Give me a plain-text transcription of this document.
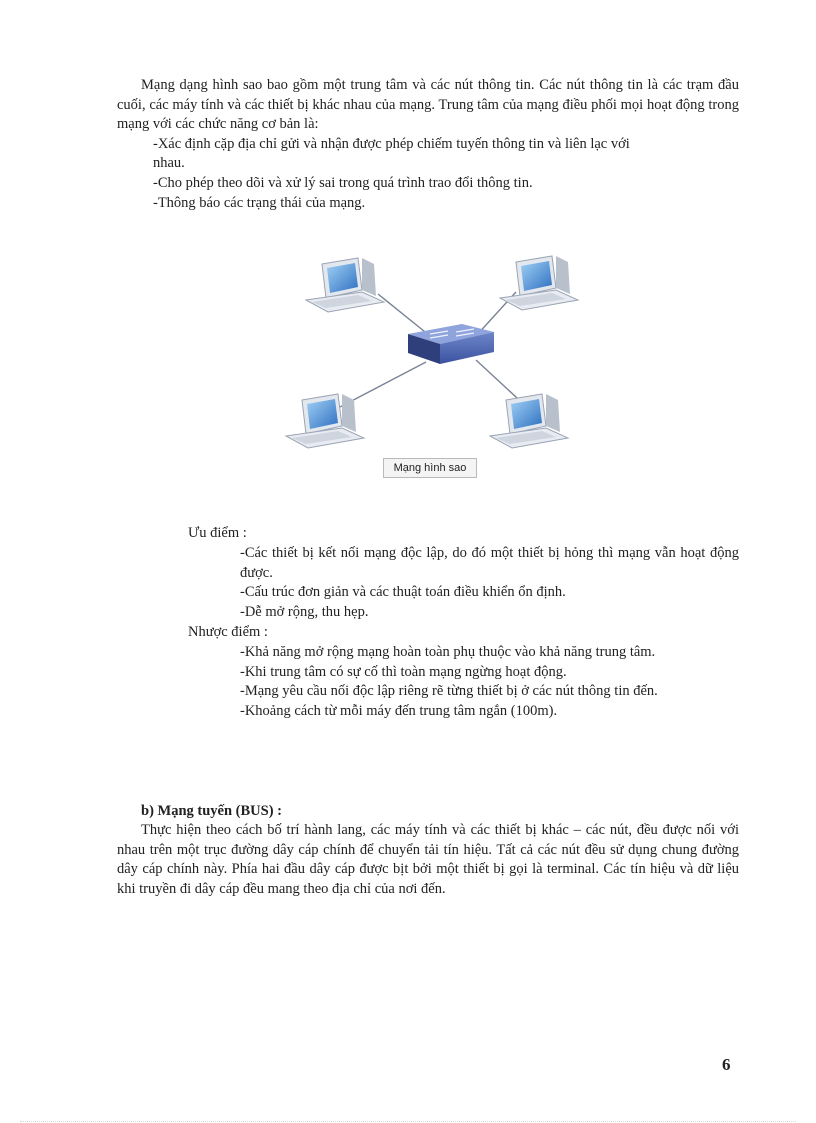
Mạng dạng hình sao bao gồm một trung tâm và các nút thông tin. Các nút thông tin là các trạm đầu cuối, các máy tính và các thiết bị khác nhau của mạng. Trung tâm của mạng điều phối mọi hoạt động trong mạng với các chức năng cơ bản là:

-Xác định cặp địa chỉ gửi và nhận được phép chiếm tuyến thông tin và liên lạc với

nhau.

-Cho phép theo dõi và xử lý sai trong quá trình trao đổi thông tin.

-Thông báo các trạng thái của mạng.

Mạng hình sao

Ưu điểm :

-Các thiết bị kết nối mạng độc lập, do đó một thiết bị hỏng thì mạng vẫn hoạt động được.

-Cấu trúc đơn giản và các thuật toán điều khiển ổn định.

-Dễ mở rộng, thu hẹp.

Nhược điểm :

-Khả năng mở rộng mạng hoàn toàn phụ thuộc vào khả năng trung tâm.

-Khi trung tâm có sự cố thì toàn mạng ngừng hoạt động.

-Mạng yêu cầu nối độc lập riêng rẽ từng thiết bị ở các nút thông tin đến.

-Khoảng cách từ mỗi máy đến trung tâm ngắn (100m).

b) Mạng tuyến (BUS) :

Thực hiện theo cách bố trí hành lang, các máy tính và các thiết bị khác – các nút, đều được nối với nhau trên một trục đường dây cáp chính để chuyển tải tín hiệu. Tất cả các nút đều sử dụng chung đường dây cáp chính này. Phía hai đầu dây cáp được bịt bởi một thiết bị gọi là terminal. Các tín hiệu và dữ liệu khi truyền đi dây cáp đều mang theo địa chỉ của nơi đến.

6
